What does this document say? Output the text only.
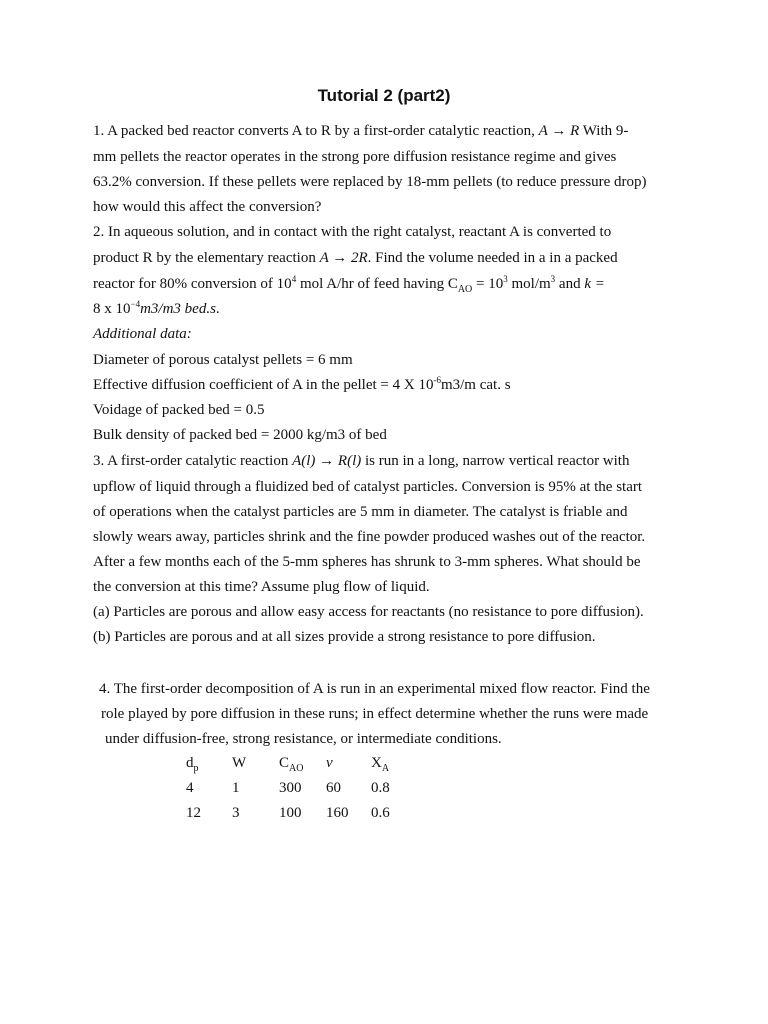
Tutorial 2 (part2)
1. A packed bed reactor converts A to R by a first-order catalytic reaction, A → R With 9-
mm pellets the reactor operates in the strong pore diffusion resistance regime and gives
63.2% conversion. If these pellets were replaced by 18-mm pellets (to reduce pressure drop)
how would this affect the conversion?
2. In aqueous solution, and in contact with the right catalyst, reactant A is converted to
product R by the elementary reaction A → 2R. Find the volume needed in a in a packed
reactor for 80% conversion of $10^4$ mol A/hr of feed having $C_{AO} = 10^3$ mol/$m^3$ and k =
8 x $10^{-4}m3/m3$ bed.s.
Additional data:
Diameter of porous catalyst pellets = 6 mm
Effective diffusion coefficient of A in the pellet = 4 X $10^{-6}m3/m$ cat. s
Voidage of packed bed = 0.5
Bulk density of packed bed = 2000 kg/m3 of bed
3. A first-order catalytic reaction A(l) → R(l) is run in a long, narrow vertical reactor with
upflow of liquid through a fluidized bed of catalyst particles. Conversion is 95% at the start
of operations when the catalyst particles are 5 mm in diameter. The catalyst is friable and
slowly wears away, particles shrink and the fine powder produced washes out of the reactor.
After a few months each of the 5-mm spheres has shrunk to 3-mm spheres. What should be
the conversion at this time? Assume plug flow of liquid.
(a) Particles are porous and allow easy access for reactants (no resistance to pore diffusion).
(b) Particles are porous and at all sizes provide a strong resistance to pore diffusion.
4. The first-order decomposition of A is run in an experimental mixed flow reactor. Find the
role played by pore diffusion in these runs; in effect determine whether the runs were made
under diffusion-free, strong resistance, or intermediate conditions.
$d_p$ W $C_{AO}$ v	$X_A$
4	1	300 60 0.8
12 3	100 160 0.6
